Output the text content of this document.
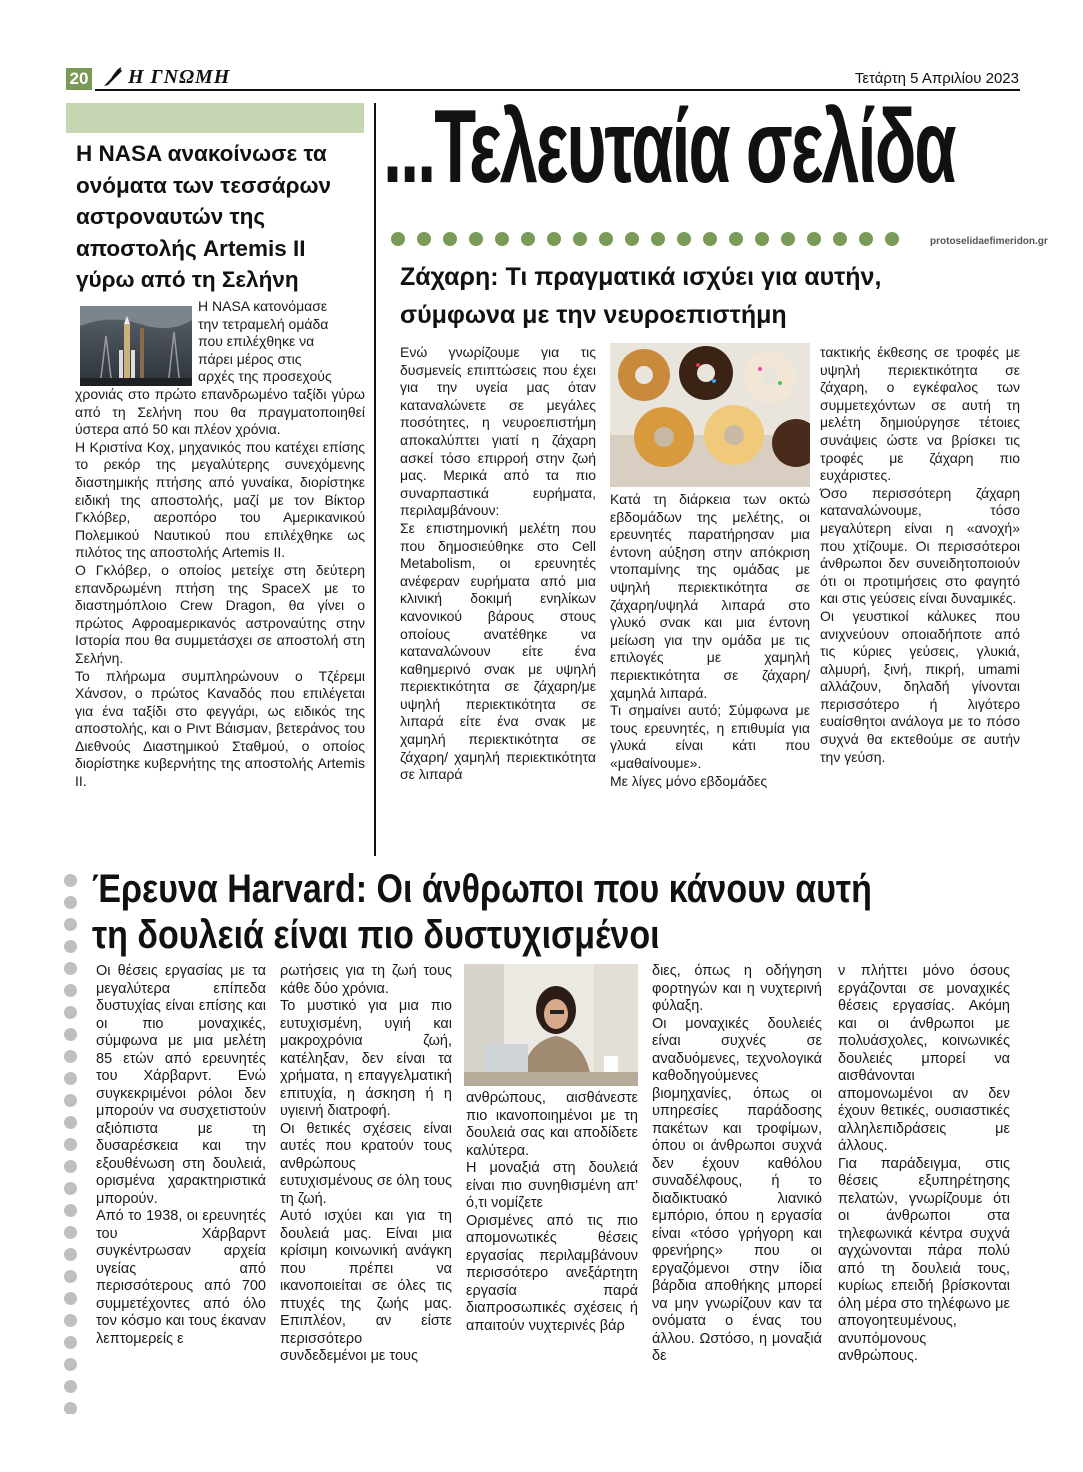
20 Η ΓΝΩΜΗ	Τετάρτη 5 Απριλίου 2023
Η NASA ανακοίνωσε τα
ονόματα των τεσσάρων
αστροναυτών της
αποστολής Artemis II
γύρω από τη Σελήνη
Η NASA κατονόμασε
την τετραμελή ομάδα
που επιλέχθηκε να
πάρει μέρος στις
αρχές της προσεχούς

χρονιάς στο πρώτο επανδρωμένο ταξίδι γύρω από τη Σελήνη που θα πραγματοποιηθεί ύστερα από 50 και πλέον χρόνια.

Η Κριστίνα Κοχ, μηχανικός που κατέχει επίσης το ρεκόρ της μεγαλύτερης συνεχόμενης διαστημικής πτήσης από γυναίκα, διορίστηκε ειδική της αποστολής, μαζί με τον Βίκτορ Γκλόβερ, αεροπόρο του Αμερικανικού Πολεμικού Ναυτικού που επιλέχθηκε ως πιλότος της αποστολής Artemis II.

Ο Γκλόβερ, ο οποίος μετείχε στη δεύτερη επανδρωμένη πτήση της SpaceX με το διαστημόπλοιο Crew Dragon, θα γίνει ο πρώτος Αφροαμερικανός αστροναύτης στην Ιστορία που θα συμμετάσχει σε αποστολή στη Σελήνη.

Το πλήρωμα συμπληρώνουν ο Τζέρεμι Χάνσον, ο πρώτος Καναδός που επιλέγεται για ένα ταξίδι στο φεγγάρι, ως ειδικός της αποστολής, και ο Ριντ Βάισμαν, βετεράνος του Διεθνούς Διαστημικού Σταθμού, ο οποίος διορίστηκε κυβερνήτης της αποστολής Artemis II.

...Τελευταία σελίδα
protoselidaefimeridon.gr
Ζάχαρη: Τι πραγματικά ισχύει για αυτήν,
σύμφωνα με την νευροεπιστήμη

Ενώ γνωρίζουμε για τις δυσμενείς επιπτώσεις που έχει για την υγεία μας όταν καταναλώνετε σε μεγάλες ποσότητες, η νευροεπιστήμη αποκαλύπτει γιατί η ζάχαρη ασκεί τόσο επιρροή στην ζωή μας. Μερικά από τα πιο συναρπαστικά ευρήματα, περιλαμβάνουν:

Σε επιστημονική μελέτη που που δημοσιεύθηκε στο Cell Metabolism, οι ερευνητές ανέφεραν ευρήματα από μια κλινική δοκιμή ενηλίκων κανονικού βάρους στους οποίους ανατέθηκε να καταναλώνουν είτε ένα καθημερινό σνακ με υψηλή περιεκτικότητα σε ζάχαρη/με υψηλή περιεκτικότητα σε λιπαρά είτε ένα σνακ με χαμηλή περιεκτικότητα σε ζάχαρη/ χαμηλή περιεκτικότητα σε λιπαρά

Κατά τη διάρκεια των οκτώ εβδομάδων της μελέτης, οι ερευνητές παρατήρησαν μια έντονη αύξηση στην απόκριση ντοπαμίνης της ομάδας με υψηλή περιεκτικότητα σε ζάχαρη/υψηλά λιπαρά στο γλυκό σνακ και μια έντονη μείωση για την ομάδα με τις επιλογές με χαμηλή περιεκτικότητα σε ζάχαρη/χαμηλά λιπαρά.

Τι σημαίνει αυτό; Σύμφωνα με τους ερευνητές, η επιθυμία για γλυκά είναι κάτι που «μαθαίνουμε».

Με λίγες μόνο εβδομάδες

τακτικής έκθεσης σε τροφές με υψηλή περιεκτικότητα σε ζάχαρη, ο εγκέφαλος των συμμετεχόντων σε αυτή τη μελέτη δημιούργησε τέτοιες συνάψεις ώστε να βρίσκει τις τροφές με ζάχαρη πιο ευχάριστες.

Όσο περισσότερη ζάχαρη καταναλώνουμε, τόσο μεγαλύτερη είναι η «ανοχή» που χτίζουμε. Οι περισσότεροι άνθρωποι δεν συνειδητοποιούν ότι οι προτιμήσεις στο φαγητό και στις γεύσεις είναι δυναμικές.

Οι γευστικοί κάλυκες που ανιχνεύουν οποιαδήποτε από τις κύριες γεύσεις, γλυκιά, αλμυρή, ξινή, πικρή, umami αλλάζουν, δηλαδή γίνονται περισσότερο ή λιγότερο ευαίσθητοι ανάλογα με το πόσο συχνά θα εκτεθούμε σε αυτήν την γεύση.

Έρευνα Harvard: Οι άνθρωποι που κάνουν αυτή
τη δουλειά είναι πιο δυστυχισμένοι

Οι θέσεις εργασίας με τα μεγαλύτερα επίπεδα δυστυχίας είναι επίσης και οι πιο μοναχικές, σύμφωνα με μια μελέτη 85 ετών από ερευνητές του Χάρβαρντ. Ενώ συγκεκριμένοι ρόλοι δεν μπορούν να συσχετιστούν αξιόπιστα με τη δυσαρέσκεια και την εξουθένωση στη δουλειά, ορισμένα χαρακτηριστικά μπορούν.

Από το 1938, οι ερευνητές του Χάρβαρντ συγκέντρωσαν αρχεία υγείας από περισσότερους από 700 συμμετέχοντες από όλο τον κόσμο και τους έκαναν λεπτομερείς ε

ρωτήσεις για τη ζωή τους κάθε δύο χρόνια.

Το μυστικό για μια πιο ευτυχισμένη, υγιή και μακροχρόνια ζωή, κατέληξαν, δεν είναι τα χρήματα, η επαγγελματική επιτυχία, η άσκηση ή η υγιεινή διατροφή.

Οι θετικές σχέσεις είναι αυτές που κρατούν τους ανθρώπους ευτυχισμένους σε όλη τους τη ζωή.

Αυτό ισχύει και για τη δουλειά μας. Είναι μια κρίσιμη κοινωνική ανάγκη που πρέπει να ικανοποιείται σε όλες τις πτυχές της ζωής μας. Επιπλέον, αν είστε περισσότερο συνδεδεμένοι με τους

ανθρώπους, αισθάνεστε πιο ικανοποιημένοι με τη δουλειά σας και αποδίδετε καλύτερα.

Η μοναξιά στη δουλειά είναι πιο συνηθισμένη απ' ό,τι νομίζετε

Ορισμένες από τις πιο απομονωτικές θέσεις εργασίας περιλαμβάνουν περισσότερο ανεξάρτητη εργασία παρά διαπροσωπικές σχέσεις ή απαιτούν νυχτερινές βάρ

διες, όπως η οδήγηση φορτηγών και η νυχτερινή φύλαξη.

Οι μοναχικές δουλειές είναι συχνές σε αναδυόμενες, τεχνολογικά καθοδηγούμενες βιομηχανίες, όπως οι υπηρεσίες παράδοσης πακέτων και τροφίμων, όπου οι άνθρωποι συχνά δεν έχουν καθόλου συναδέλφους, ή το διαδικτυακό λιανικό εμπόριο, όπου η εργασία είναι «τόσο γρήγορη και φρενήρης» που οι εργαζόμενοι στην ίδια βάρδια αποθήκης μπορεί να μην γνωρίζουν καν τα ονόματα ο ένας του άλλου. Ωστόσο, η μοναξιά δε

ν πλήττει μόνο όσους εργάζονται σε μοναχικές θέσεις εργασίας. Ακόμη και οι άνθρωποι με πολυάσχολες, κοινωνικές δουλειές μπορεί να αισθάνονται απομονωμένοι αν δεν έχουν θετικές, ουσιαστικές αλληλεπιδράσεις με άλλους.

Για παράδειγμα, στις θέσεις εξυπηρέτησης πελατών, γνωρίζουμε ότι οι άνθρωποι στα τηλεφωνικά κέντρα συχνά αγχώνονται πάρα πολύ από τη δουλειά τους, κυρίως επειδή βρίσκονται όλη μέρα στο τηλέφωνο με απογοητευμένους, ανυπόμονους ανθρώπους.
